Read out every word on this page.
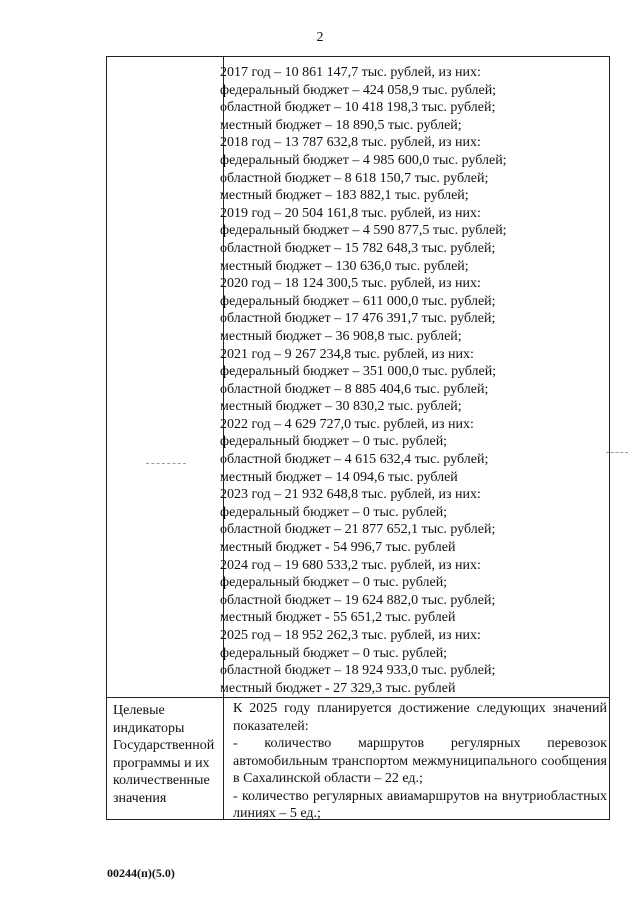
2
2017 год – 10 861 147,7 тыс. рублей, из них:
федеральный бюджет – 424 058,9 тыс. рублей;
областной бюджет – 10 418 198,3 тыс. рублей;
местный бюджет – 18 890,5 тыс. рублей;
2018 год – 13 787 632,8 тыс. рублей, из них:
федеральный бюджет – 4 985 600,0 тыс. рублей;
областной бюджет – 8 618 150,7 тыс. рублей;
местный бюджет – 183 882,1 тыс. рублей;
2019 год – 20 504 161,8 тыс. рублей, из них:
федеральный бюджет – 4 590 877,5 тыс. рублей;
областной бюджет – 15 782 648,3 тыс. рублей;
местный бюджет – 130 636,0 тыс. рублей;
2020 год – 18 124 300,5 тыс. рублей, из них:
федеральный бюджет – 611 000,0 тыс. рублей;
областной бюджет – 17 476 391,7 тыс. рублей;
местный бюджет – 36 908,8 тыс. рублей;
2021 год – 9 267 234,8 тыс. рублей, из них:
федеральный бюджет – 351 000,0 тыс. рублей;
областной бюджет – 8 885 404,6 тыс. рублей;
местный бюджет – 30 830,2 тыс. рублей;
2022 год – 4 629 727,0 тыс. рублей, из них:
федеральный бюджет – 0 тыс. рублей;
областной бюджет – 4 615 632,4 тыс. рублей;
местный бюджет – 14 094,6 тыс. рублей
2023 год – 21 932 648,8 тыс. рублей, из них:
федеральный бюджет – 0 тыс. рублей;
областной бюджет – 21 877 652,1 тыс. рублей;
местный бюджет - 54 996,7 тыс. рублей
2024 год – 19 680 533,2 тыс. рублей, из них:
федеральный бюджет – 0 тыс. рублей;
областной бюджет – 19 624 882,0 тыс. рублей;
местный бюджет - 55 651,2 тыс. рублей
2025 год – 18 952 262,3 тыс. рублей, из них:
федеральный бюджет – 0 тыс. рублей;
областной бюджет – 18 924 933,0 тыс. рублей;
местный бюджет - 27 329,3 тыс. рублей
Целевые индикаторы Государственной программы и их количественные значения

К 2025 году планируется достижение следующих значений показателей:

- количество маршрутов регулярных перевозок автомобильным транспортом межмуниципального сообщения в Сахалинской области – 22 ед.;

- количество регулярных авиамаршрутов на внутриобластных линиях – 5 ед.;

00244(п)(5.0)
